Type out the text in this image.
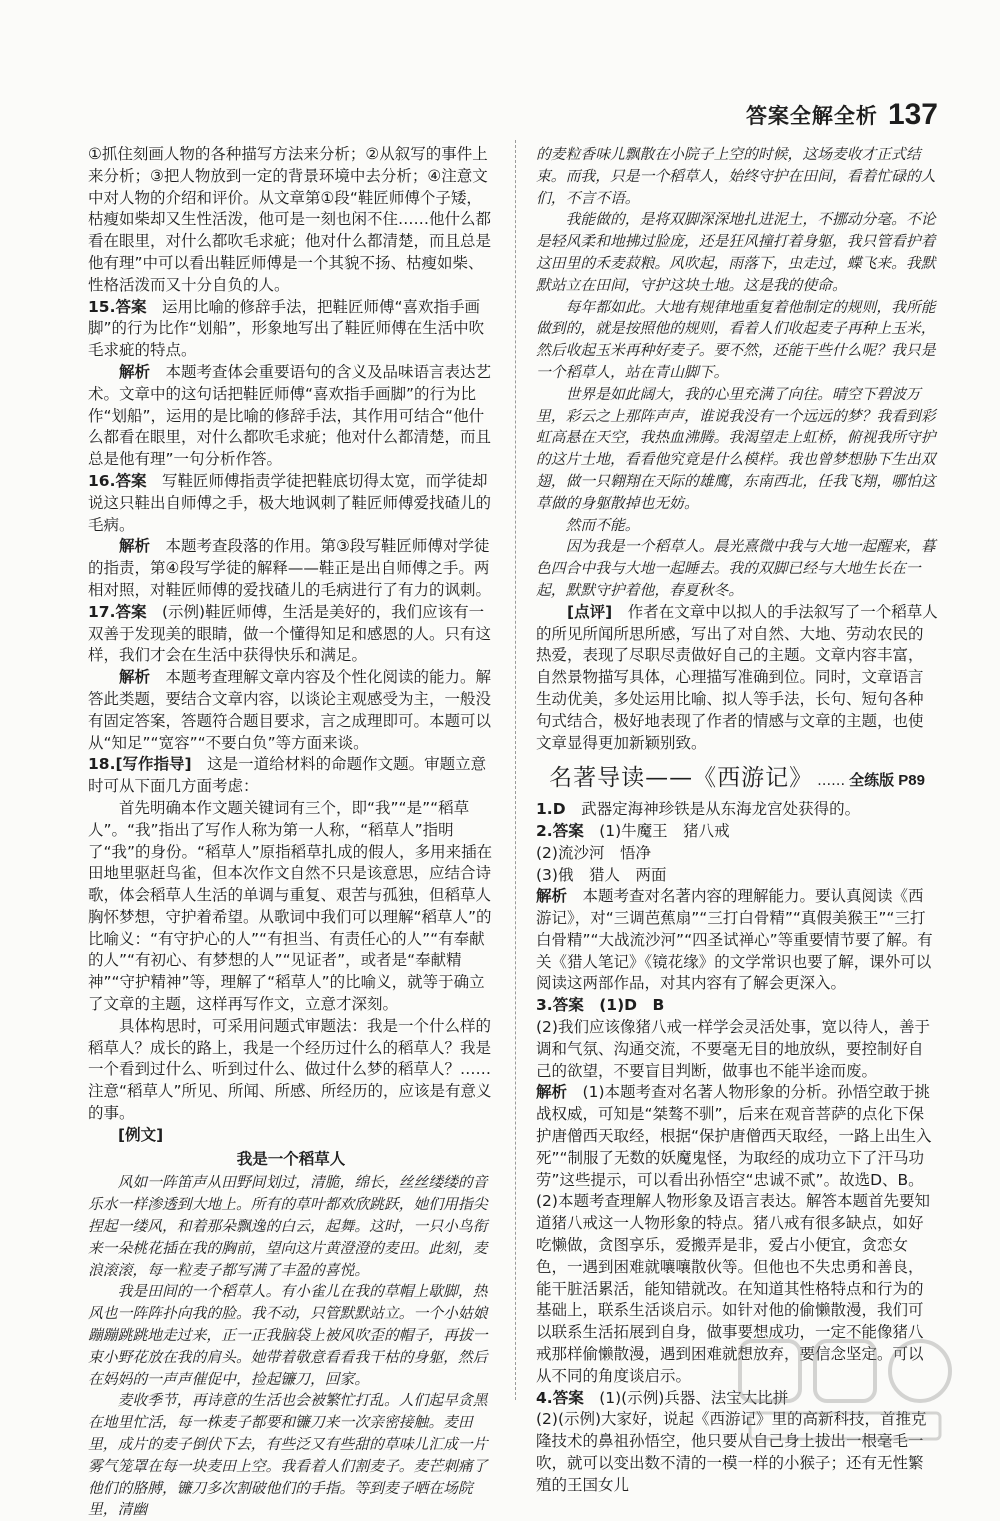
答案全解全析 137

①抓住刻画人物的各种描写方法来分析；②从叙写的事件上来分析；③把人物放到一定的背景环境中去分析；④注意文中对人物的介绍和评价。从文章第①段“鞋匠师傅个子矮，枯瘦如柴却又生性活泼，他可是一刻也闲不住……他什么都看在眼里，对什么都吹毛求疵；他对什么都清楚，而且总是他有理”中可以看出鞋匠师傅是一个其貌不扬、枯瘦如柴、性格活泼而又十分自负的人。

15.答案　 运用比喻的修辞手法，把鞋匠师傅“喜欢指手画脚”的行为比作“划船”，形象地写出了鞋匠师傅在生活中吹毛求疵的特点。

解析　 本题考查体会重要语句的含义及品味语言表达艺术。文章中的这句话把鞋匠师傅“喜欢指手画脚”的行为比作“划船”，运用的是比喻的修辞手法，其作用可结合“他什么都看在眼里，对什么都吹毛求疵；他对什么都清楚，而且总是他有理”一句分析作答。

16.答案　 写鞋匠师傅指责学徒把鞋底切得太宽，而学徒却说这只鞋出自师傅之手，极大地讽刺了鞋匠师傅爱找碴儿的毛病。

解析　 本题考查段落的作用。第③段写鞋匠师傅对学徒的指责，第④段写学徒的解释——鞋正是出自师傅之手。两相对照，对鞋匠师傅的爱找碴儿的毛病进行了有力的讽刺。

17.答案　 (示例)鞋匠师傅，生活是美好的，我们应该有一双善于发现美的眼睛，做一个懂得知足和感恩的人。只有这样，我们才会在生活中获得快乐和满足。

解析　 本题考查理解文章内容及个性化阅读的能力。解答此类题，要结合文章内容，以谈论主观感受为主，一般没有固定答案，答题符合题目要求，言之成理即可。本题可以从“知足”“宽容”“不要白负”等方面来谈。

18.[写作指导]　 这是一道给材料的命题作文题。审题立意时可从下面几方面考虑：

首先明确本作文题关键词有三个，即“我”“是”“稻草人”。“我”指出了写作人称为第一人称，“稻草人”指明了“我”的身份。“稻草人”原指稻草扎成的假人，多用来插在田地里驱赶鸟雀，但本次作文自然不只是该意思，应结合诗歌，体会稻草人生活的单调与重复、艰苦与孤独，但稻草人胸怀梦想，守护着希望。从歌词中我们可以理解“稻草人”的比喻义：“有守护心的人”“有担当、有责任心的人”“有奉献的人”“有初心、有梦想的人”“见证者”，或者是“奉献精神”“守护精神”等，理解了“稻草人”的比喻义，就等于确立了文章的主题，这样再写作文，立意才深刻。

具体构思时，可采用问题式审题法：我是一个什么样的稻草人？成长的路上，我是一个经历过什么的稻草人？我是一个看到过什么、听到过什么、做过什么梦的稻草人？……注意“稻草人”所见、所闻、所感、所经历的，应该是有意义的事。

[例文]

我是一个稻草人

风如一阵笛声从田野间划过，清脆，绵长，丝丝缕缕的音乐水一样渗透到大地上。所有的草叶都欢欣跳跃，她们用指尖捏起一缕风，和着那朵飘逸的白云，起舞。这时，一只小鸟衔来一朵桃花插在我的胸前，望向这片黄澄澄的麦田。此刻，麦浪滚滚，每一粒麦子都写满了丰盈的喜悦。

我是田间的一个稻草人。有小雀儿在我的草帽上歇脚，热风也一阵阵扑向我的脸。我不动，只管默默站立。一个小姑娘蹦蹦跳跳地走过来，正一正我脑袋上被风吹歪的帽子，再拔一束小野花放在我的肩头。她带着敬意看看我干枯的身躯，然后在妈妈的一声声催促中，捡起镰刀，回家。

麦收季节，再诗意的生活也会被繁忙打乱。人们起早贪黑在地里忙活，每一株麦子都要和镰刀来一次亲密接触。麦田里，成片的麦子倒伏下去，有些泛又有些甜的草味儿汇成一片雾气笼罩在每一块麦田上空。我看着人们割麦子。麦芒刺痛了他们的胳膊，镰刀多次割破他们的手指。等到麦子晒在场院里，清幽

的麦粒香味儿飘散在小院子上空的时候，这场麦收才正式结束。而我，只是一个稻草人，始终守护在田间，看着忙碌的人们，不言不语。

我能做的，是将双脚深深地扎进泥土，不挪动分毫。不论是轻风柔和地拂过脸庞，还是狂风撞打着身躯，我只管看护着这田里的禾麦菽粮。风吹起，雨落下，虫走过，蝶飞来。我默默站立在田间，守护这块土地。这是我的使命。

每年都如此。大地有规律地重复着他制定的规则，我所能做到的，就是按照他的规则，看着人们收起麦子再种上玉米，然后收起玉米再种好麦子。要不然，还能干些什么呢？我只是一个稻草人，站在青山脚下。

世界是如此阔大，我的心里充满了向往。晴空下碧波万里，彩云之上那阵声声，谁说我没有一个远远的梦？我看到彩虹高悬在天空，我热血沸腾。我渴望走上虹桥，俯视我所守护的这片土地，看看他究竟是什么模样。我也曾梦想胁下生出双翅，做一只翱翔在天际的雄鹰，东南西北，任我飞翔，哪怕这草做的身躯散掉也无妨。

然而不能。

因为我是一个稻草人。晨光熹微中我与大地一起醒来，暮色四合中我与大地一起睡去。我的双脚已经与大地生长在一起，默默守护着他，春夏秋冬。

[点评]　 作者在文章中以拟人的手法叙写了一个稻草人的所见所闻所思所感，写出了对自然、大地、劳动农民的热爱，表现了尽职尽责做好自己的主题。文章内容丰富，自然景物描写具体，心理描写准确到位。同时，文章语言生动优美，多处运用比喻、拟人等手法，长句、短句各种句式结合，极好地表现了作者的情感与文章的主题，也使文章显得更加新颖别致。

名著导读——《西游记》 …… 全练版 P89

1.D　 武器定海神珍铁是从东海龙宫处获得的。

2.答案　 (1)牛魔王　猪八戒

(2)流沙河　悟净

(3)俄　猎人　两面

解析　 本题考查对名著内容的理解能力。要认真阅读《西游记》，对“三调芭蕉扇”“三打白骨精”“真假美猴王”“三打白骨精”“大战流沙河”“四圣试禅心”等重要情节要了解。有关《猎人笔记》《镜花缘》的文学常识也要了解，课外可以阅读这两部作品，对其内容有了解会更深入。

3.答案　 (1)D　B

(2)我们应该像猪八戒一样学会灵活处事，宽以待人，善于调和气氛、沟通交流，不要毫无目的地放纵，要控制好自己的欲望，不要盲目判断，做事也不能半途而废。

解析　 (1)本题考查对名著人物形象的分析。孙悟空敢于挑战权威，可知是“桀骜不驯”，后来在观音菩萨的点化下保护唐僧西天取经，根据“保护唐僧西天取经，一路上出生入死”“制服了无数的妖魔鬼怪，为取经的成功立下了汗马功劳”这些提示，可以看出孙悟空“忠诚不贰”。故选D、B。

(2)本题考查理解人物形象及语言表达。解答本题首先要知道猪八戒这一人物形象的特点。猪八戒有很多缺点，如好吃懒做，贪图享乐，爱搬弄是非，爱占小便宜，贪恋女色，一遇到困难就嚷嚷散伙等。但他也不失忠勇和善良，能干脏活累活，能知错就改。在知道其性格特点和行为的基础上，联系生活谈启示。如针对他的偷懒散漫，我们可以联系生活拓展到自身，做事要想成功，一定不能像猪八戒那样偷懒散漫，遇到困难就想放弃，要信念坚定。可以从不同的角度谈启示。

4.答案　 (1)(示例)兵器、法宝大比拼

(2)(示例)大家好，说起《西游记》里的高新科技，首推克隆技术的鼻祖孙悟空，他只要从自己身上拔出一根毫毛一吹，就可以变出数不清的一模一样的小猴子；还有无性繁殖的王国女儿
